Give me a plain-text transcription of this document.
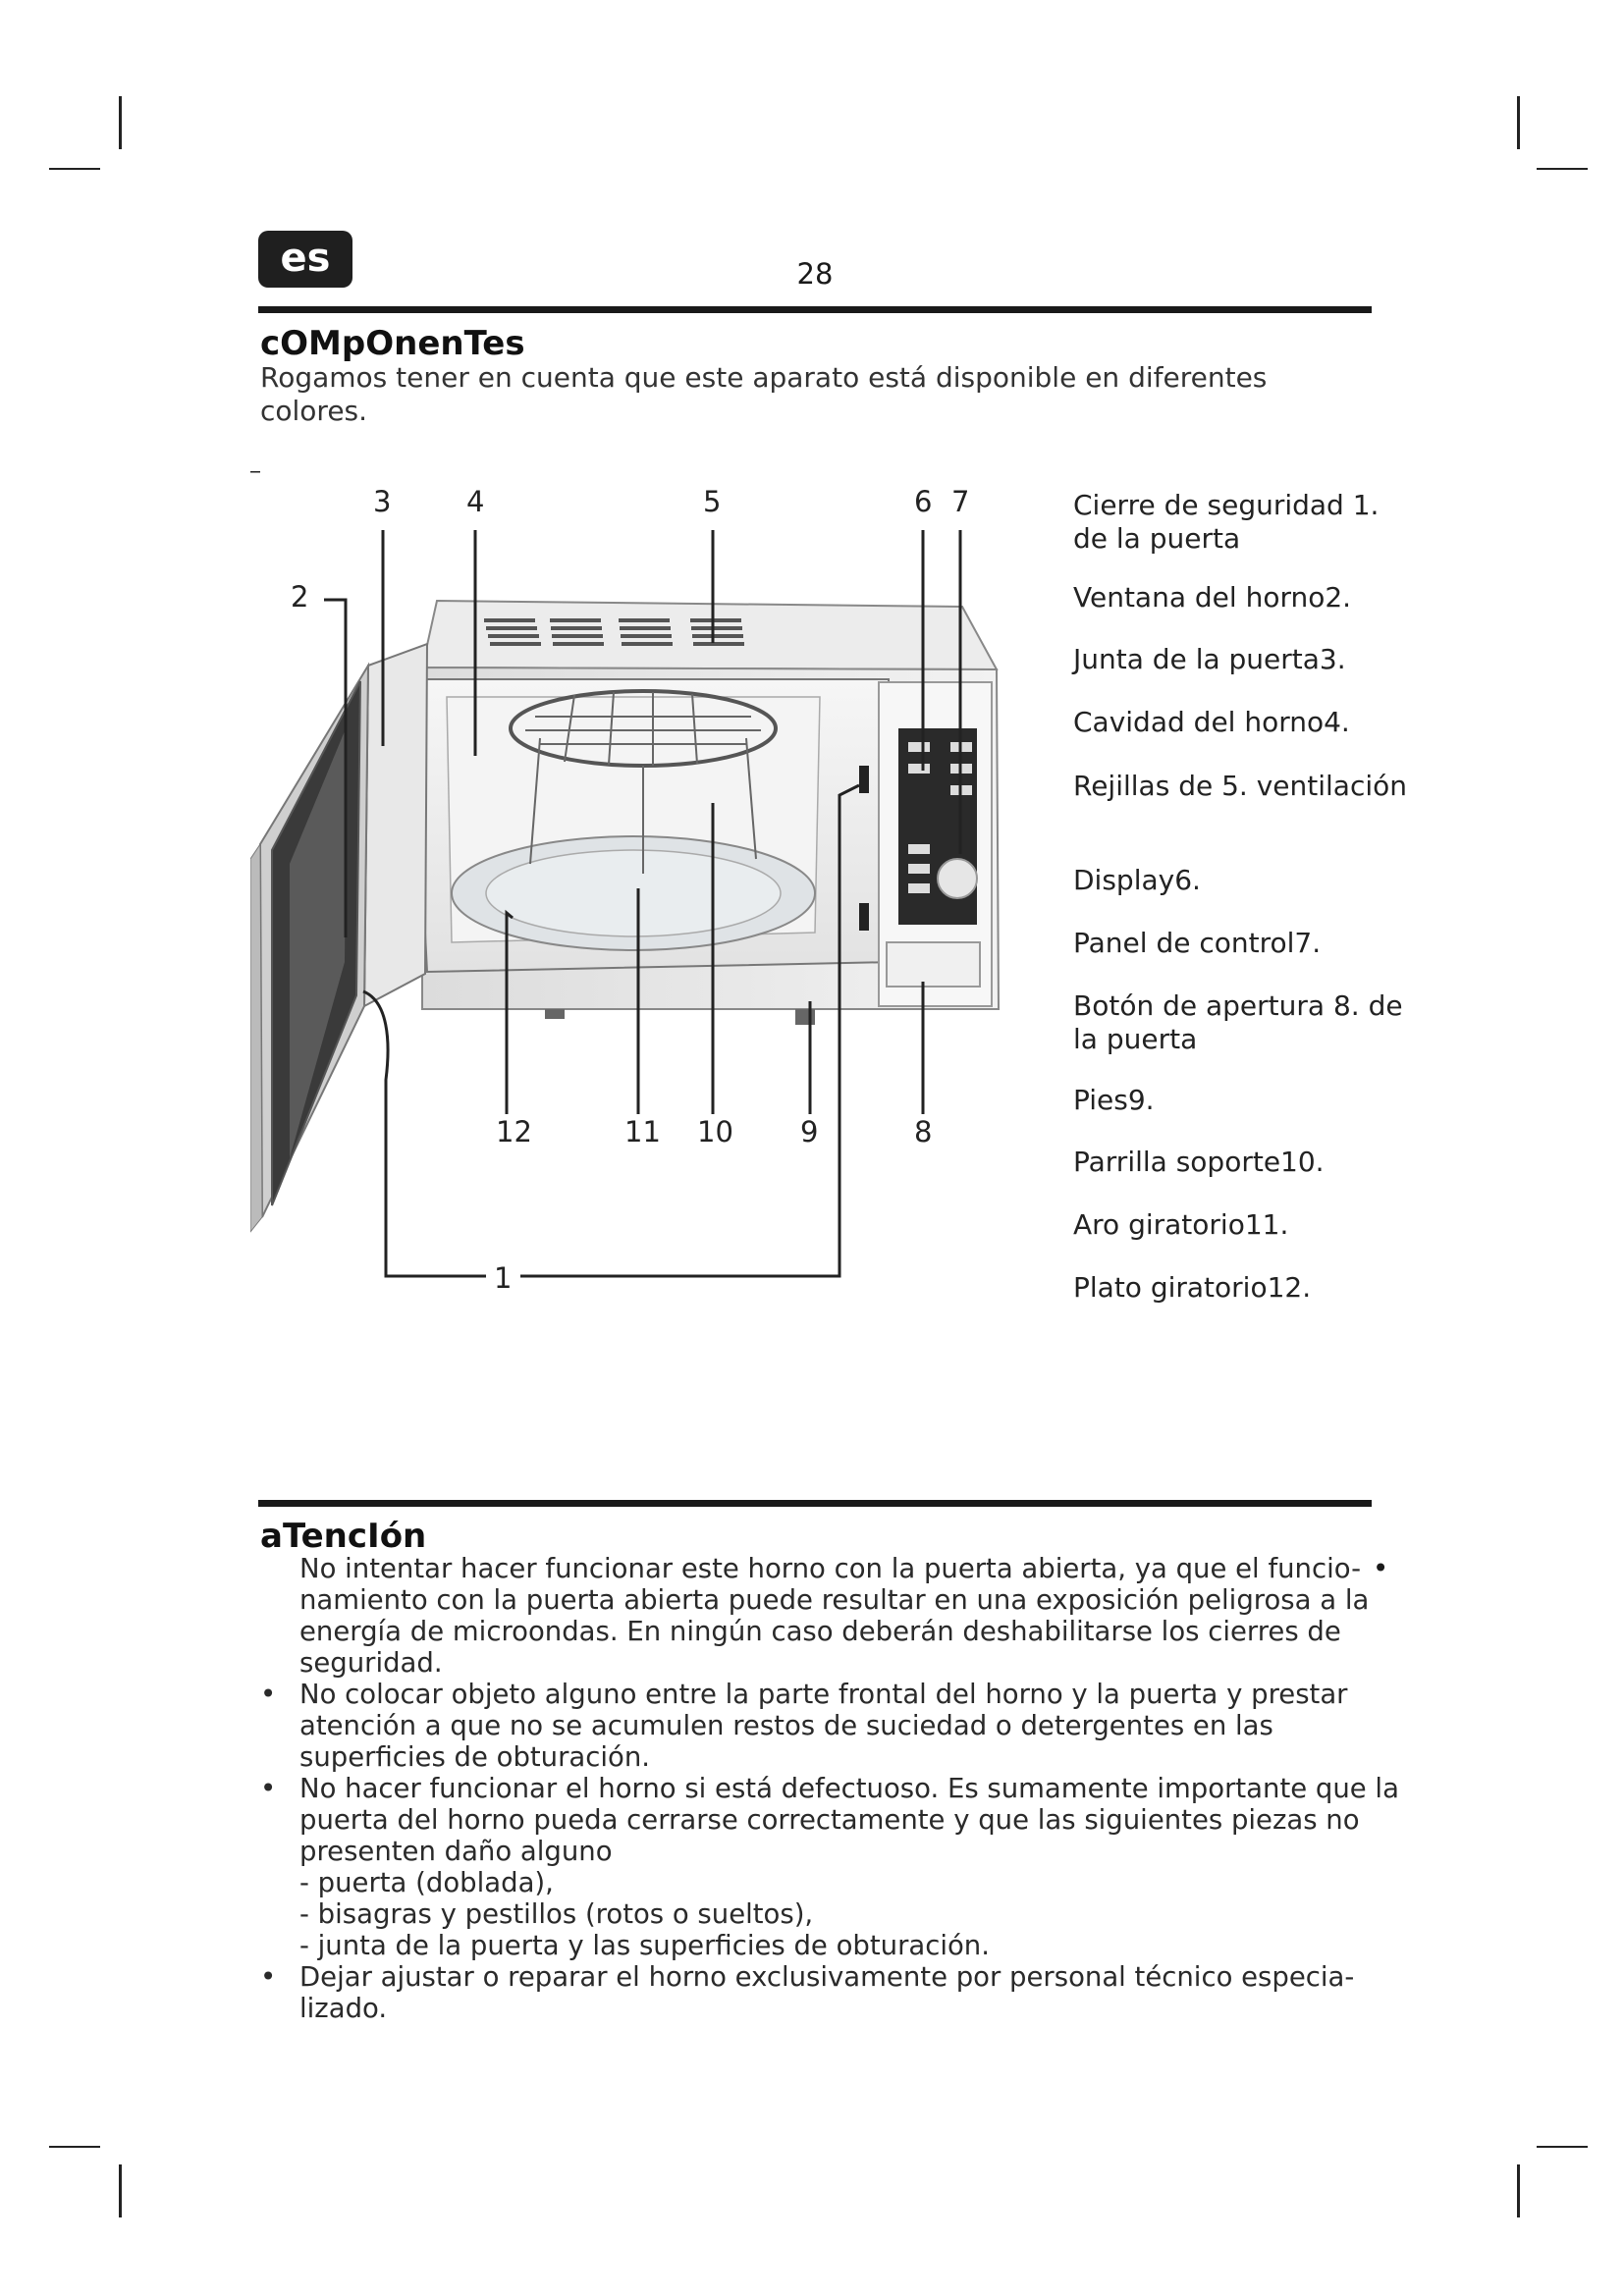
es	28
cOMpOnenTes
Rogamos tener en cuenta que este aparato está disponible en diferentes colores.
3	4	5	6 7
2
12	11 10 9	8
1
Cierre de seguridad 1. de la puerta
Ventana del horno2.
Junta de la puerta3.
Cavidad del horno4.
Rejillas de 5. ventilación
Display6.
Panel de control7.
Botón de apertura 8. de la puerta
Pies9.
Parrilla soporte10.
Aro giratorio11.
Plato giratorio12.
aTencIón
No intentar hacer funcionar este horno con la puerta abierta, ya que el funcio- namiento con la puerta abierta puede resultar en una exposición peligrosa a la energía de microondas. En ningún caso deberán deshabilitarse los cierres de seguridad.
• No colocar objeto alguno entre la parte frontal del horno y la puerta y prestar atención a que no se acumulen restos de suciedad o detergentes en las superficies de obturación.
• No hacer funcionar el horno si está defectuoso. Es sumamente importante que la puerta del horno pueda cerrarse correctamente y que las siguientes piezas no presenten daño alguno
- puerta (doblada),
- bisagras y pestillos (rotos o sueltos),
- junta de la puerta y las superficies de obturación.
• Dejar ajustar o reparar el horno exclusivamente por personal técnico especia- lizado.
•
